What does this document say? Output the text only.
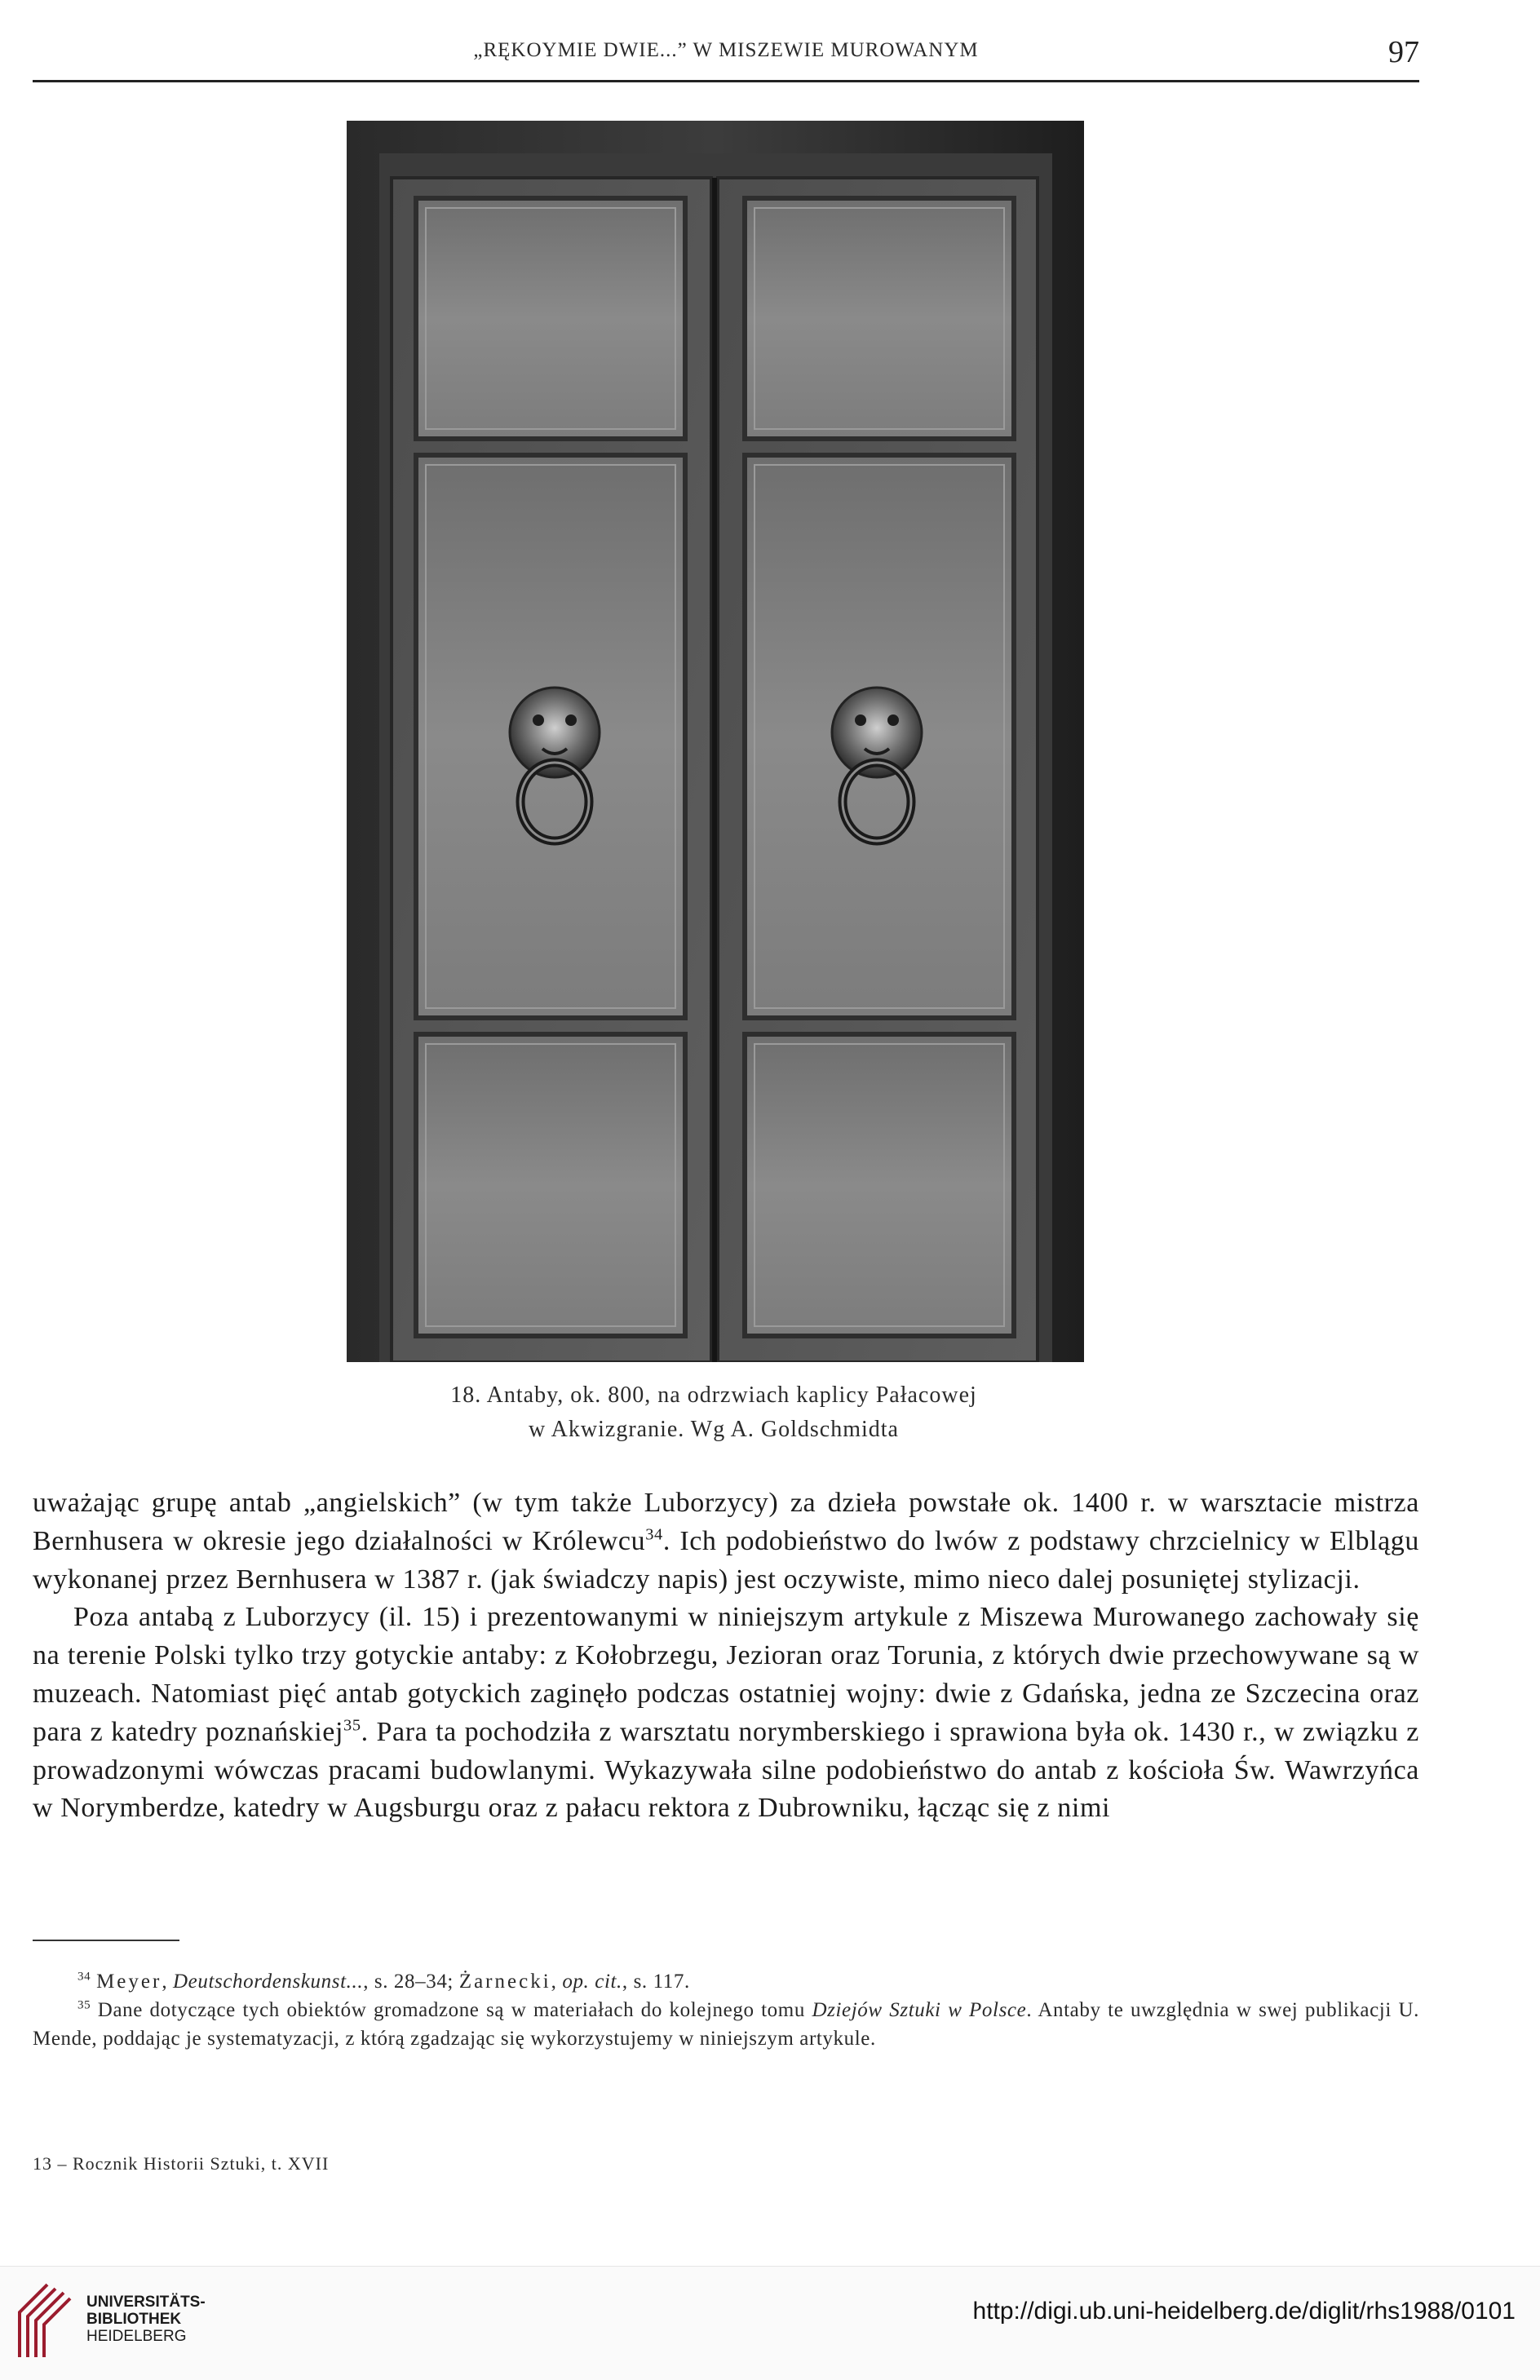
„RĘKOYMIE DWIE...” W MISZEWIE MUROWANYM	97
18. Antaby, ok. 800, na odrzwiach kaplicy Pałacowej
w Akwizgranie. Wg A. Goldschmidta

uważając grupę antab „angielskich” (w tym także Luborzycy) za dzieła powstałe ok. 1400 r. w warsztacie mistrza Bernhusera w okresie jego działalności w Królewcu$^{34}$. Ich podobieństwo do lwów z podstawy chrzcielnicy w Elblągu wykonanej przez Bernhusera w 1387 r. (jak świadczy napis) jest oczywiste, mimo nieco dalej posuniętej stylizacji.

Poza antabą z Luborzycy (il. 15) i prezentowanymi w niniejszym artykule z Miszewa Murowanego zachowały się na terenie Polski tylko trzy gotyckie antaby: z Kołobrzegu, Jezioran oraz Torunia, z których dwie przechowywane są w muzeach. Natomiast pięć antab gotyckich zaginęło podczas ostatniej wojny: dwie z Gdańska, jedna ze Szczecina oraz para z katedry poznańskiej$^{35}$. Para ta pochodziła z warsztatu norymberskiego i sprawiona była ok. 1430 r., w związku z prowadzonymi wówczas pracami budowlanymi. Wykazywała silne podobieństwo do antab z kościoła Św. Wawrzyńca w Norymberdze, katedry w Augsburgu oraz z pałacu rektora z Dubrowniku, łącząc się z nimi

$^{34}$ Meyer, Deutschordenskunst..., s. 28–34; Żarnecki, op. cit., s. 117.

$^{35}$ Dane dotyczące tych obiektów gromadzone są w materiałach do kolejnego tomu Dziejów Sztuki w Polsce. Antaby te uwzględnia w swej publikacji U. Mende, poddając je systematyzacji, z którą zgadzając się wykorzystujemy w niniejszym artykule.

13 – Rocznik Historii Sztuki, t. XVII
UNIVERSITÄTS-
BIBLIOTHEK
HEIDELBERG
http://digi.ub.uni-heidelberg.de/diglit/rhs1988/0101
